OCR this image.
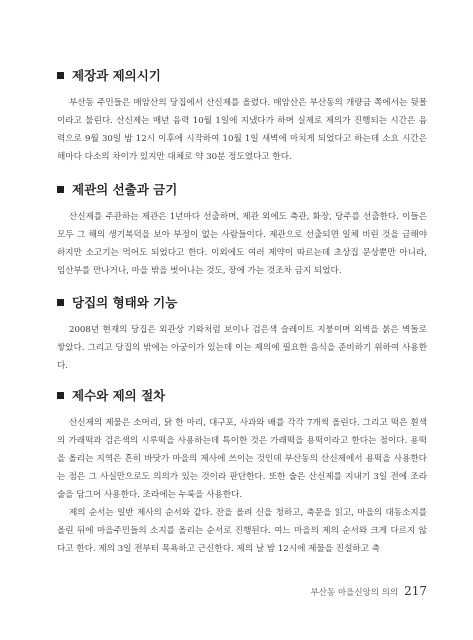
제장과 제의시기

부산동 주민들은 매암산의 당집에서 산신제를 올렸다. 매암산은 부산동의 개량금 쪽에서는 뒷몰이라고 불린다. 산신제는 매년 음력 10월 1일에 지냈다가 하며 실제로 제의가 진행되는 시간은 음력으로 9월 30일 밤 12시 이후에 시작하여 10월 1일 새벽에 마치게 되었다고 하는데 소요 시간은 해마다 다소의 차이가 있지만 대체로 약 30분 정도였다고 한다.

제관의 선출과 금기

산신제를 주관하는 제관은 1년마다 선출하며, 제관 외에도 축관, 화장, 당주를 선출한다. 이들은 모두 그 해의 생기복덕을 보아 부정이 없는 사람들이다. 제관으로 선출되면 일체 비린 것을 금해야 하지만 소고기는 먹어도 되었다고 한다. 이외에도 여러 제약이 따르는데 초상집 문상뿐만 아니라, 임산부를 만나거나, 마을 밖을 벗어나는 것도, 장에 가는 것조차 금지 되었다.

당집의 형태와 기능

2008년 현재의 당집은 외관상 기와처럼 보이나 검은색 슬레이트 지붕이며 외벽을 붉은 벽돌로 쌓았다. 그리고 당집의 밖에는 아궁이가 있는데 이는 제의에 필요한 음식을 준비하기 위하여 사용한다.

제수와 제의 절차

산신제의 제물은 소머리, 닭 한 마리, 대구포, 사과와 배를 각각 7개씩 올린다. 그리고 떡은 흰색의 가래떡과 검은색의 시루떡을 사용하는데 특이한 것은 가래떡을 용떡이라고 한다는 점이다. 용떡을 올리는 지역은 흔히 바닷가 마을의 제사에 쓰이는 것인데 부산동의 산신제에서 용떡을 사용한다는 점은 그 사실만으로도 의의가 있는 것이라 판단한다. 또한 술은 산신제를 지내기 3일 전에 조라술을 담그어 사용한다. 조라에는 누룩을 사용한다.

제의 순서는 일반 제사의 순서와 같다. 잔을 올려 신을 청하고, 축문을 읽고, 마을의 대동소지를 올린 뒤에 마을주민들의 소지를 올리는 순서로 진행된다. 여느 마을의 제의 순서와 크게 다르지 않다고 한다. 제의 3일 전부터 목욕하고 근신한다. 제의 날 밤 12시에 제물을 진설하고 축

부산동 마을신앙의 의의 217
